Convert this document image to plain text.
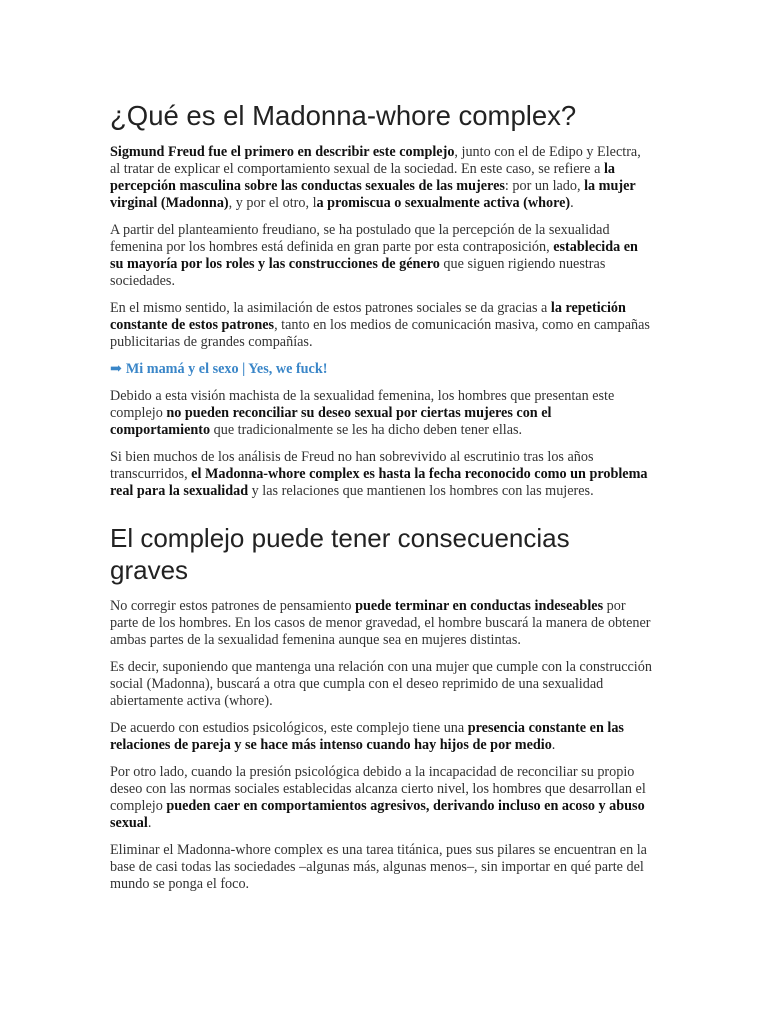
¿Qué es el Madonna-whore complex?

Sigmund Freud fue el primero en describir este complejo, junto con el de Edipo y Electra, al tratar de explicar el comportamiento sexual de la sociedad. En este caso, se refiere a la percepción masculina sobre las conductas sexuales de las mujeres: por un lado, la mujer virginal (Madonna), y por el otro, la promiscua o sexualmente activa (whore).

A partir del planteamiento freudiano, se ha postulado que la percepción de la sexualidad femenina por los hombres está definida en gran parte por esta contraposición, establecida en su mayoría por los roles y las construcciones de género que siguen rigiendo nuestras sociedades.

En el mismo sentido, la asimilación de estos patrones sociales se da gracias a la repetición constante de estos patrones, tanto en los medios de comunicación masiva, como en campañas publicitarias de grandes compañías.

➡ Mi mamá y el sexo | Yes, we fuck!

Debido a esta visión machista de la sexualidad femenina, los hombres que presentan este complejo no pueden reconciliar su deseo sexual por ciertas mujeres con el comportamiento que tradicionalmente se les ha dicho deben tener ellas.

Si bien muchos de los análisis de Freud no han sobrevivido al escrutinio tras los años transcurridos, el Madonna-whore complex es hasta la fecha reconocido como un problema real para la sexualidad y las relaciones que mantienen los hombres con las mujeres.

El complejo puede tener consecuencias graves

No corregir estos patrones de pensamiento puede terminar en conductas indeseables por parte de los hombres. En los casos de menor gravedad, el hombre buscará la manera de obtener ambas partes de la sexualidad femenina aunque sea en mujeres distintas.

Es decir, suponiendo que mantenga una relación con una mujer que cumple con la construcción social (Madonna), buscará a otra que cumpla con el deseo reprimido de una sexualidad abiertamente activa (whore).

De acuerdo con estudios psicológicos, este complejo tiene una presencia constante en las relaciones de pareja y se hace más intenso cuando hay hijos de por medio.

Por otro lado, cuando la presión psicológica debido a la incapacidad de reconciliar su propio deseo con las normas sociales establecidas alcanza cierto nivel, los hombres que desarrollan el complejo pueden caer en comportamientos agresivos, derivando incluso en acoso y abuso sexual.

Eliminar el Madonna-whore complex es una tarea titánica, pues sus pilares se encuentran en la base de casi todas las sociedades –algunas más, algunas menos–, sin importar en qué parte del mundo se ponga el foco.
